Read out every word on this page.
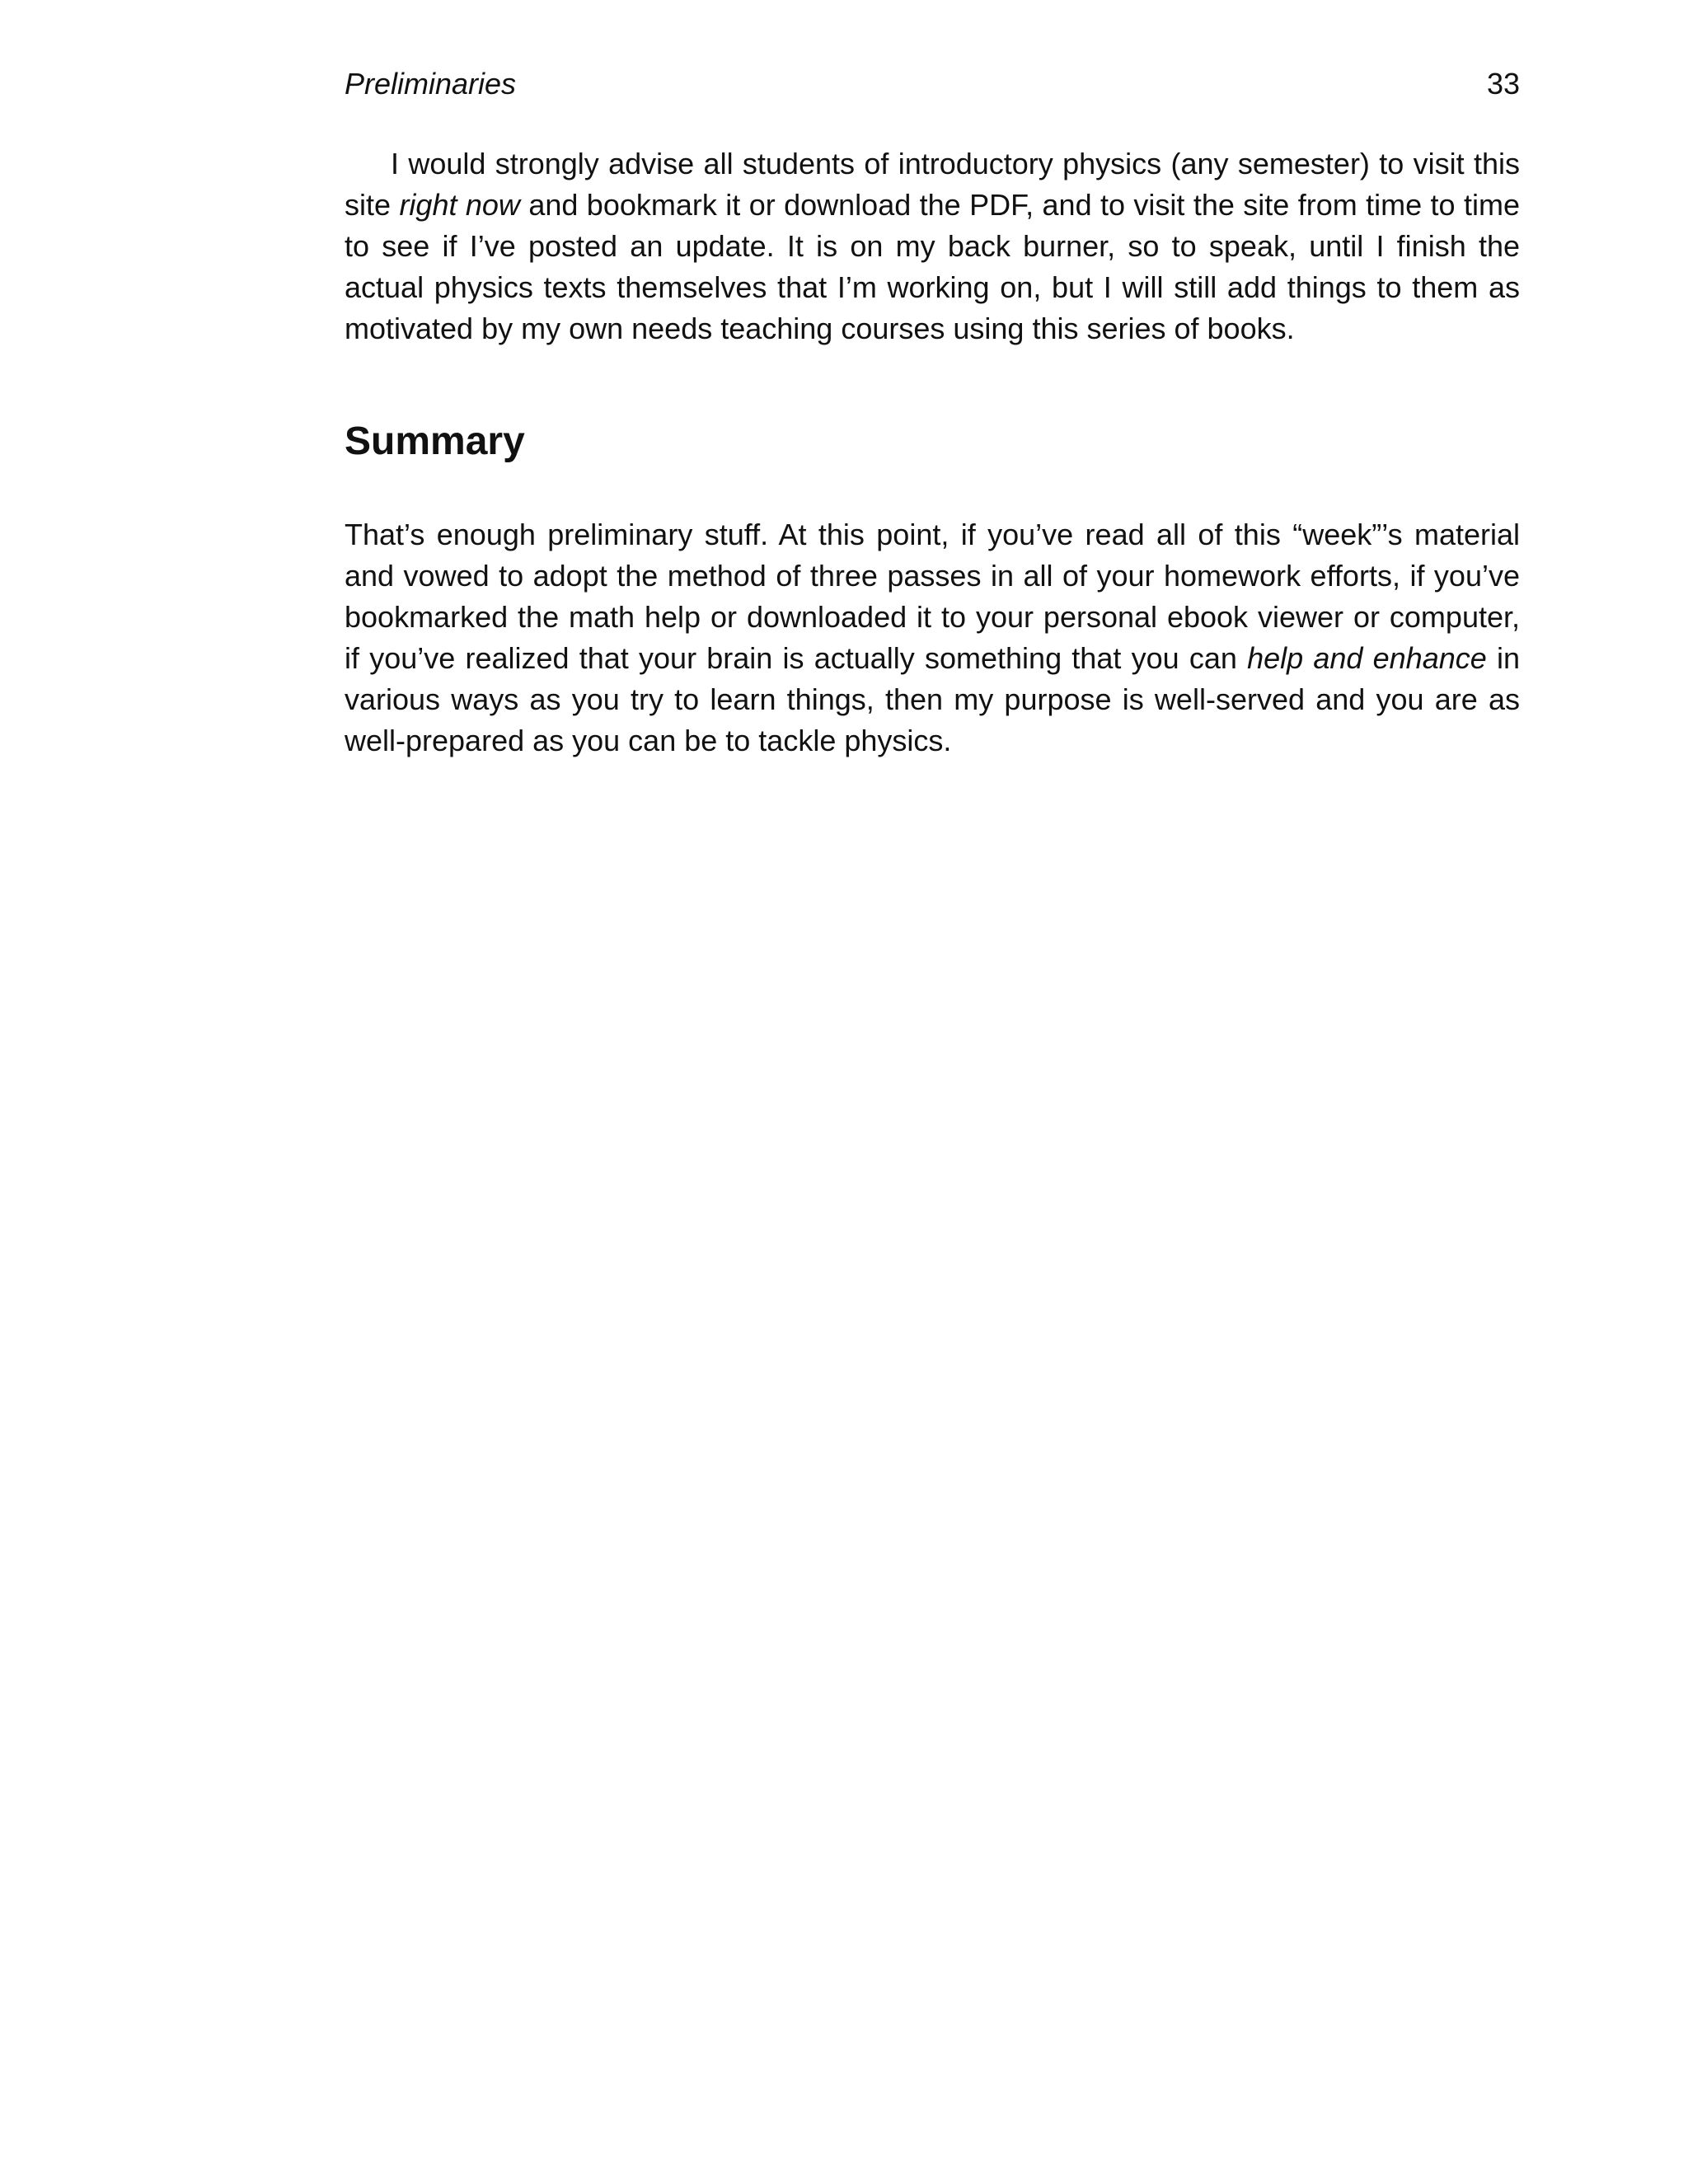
Preliminaries	33

I would strongly advise all students of introductory physics (any semester) to visit this site right now and bookmark it or download the PDF, and to visit the site from time to time to see if I’ve posted an update. It is on my back burner, so to speak, until I finish the actual physics texts themselves that I’m working on, but I will still add things to them as motivated by my own needs teaching courses using this series of books.

Summary

That’s enough preliminary stuff. At this point, if you’ve read all of this “week”’s material and vowed to adopt the method of three passes in all of your homework efforts, if you’ve bookmarked the math help or downloaded it to your personal ebook viewer or computer, if you’ve realized that your brain is actually something that you can help and enhance in various ways as you try to learn things, then my purpose is well-served and you are as well-prepared as you can be to tackle physics.
